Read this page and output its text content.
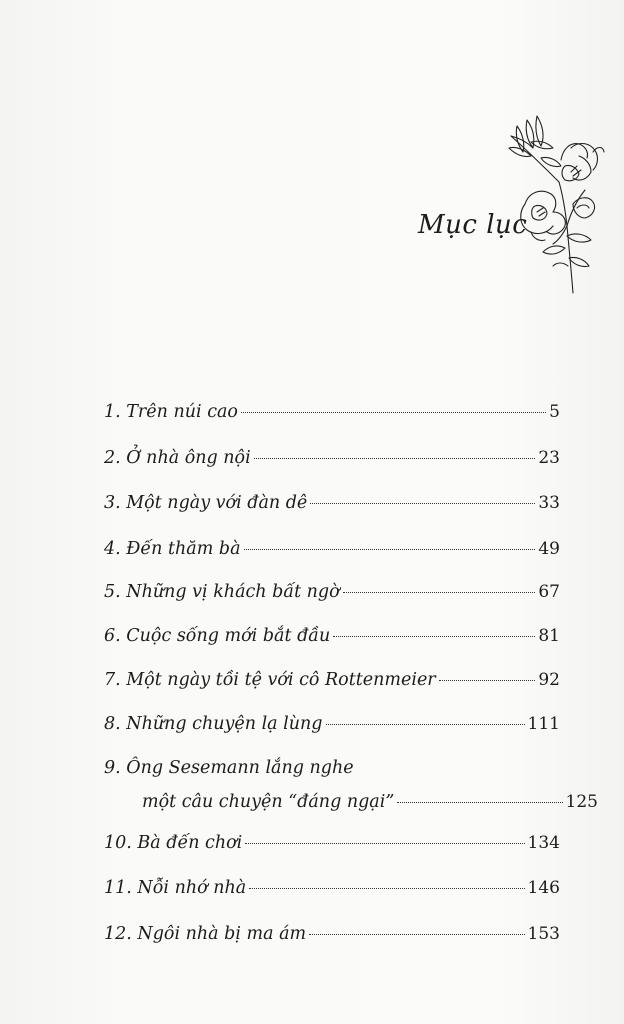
Mục lục
1. Trên núi cao	5
2. Ở nhà ông nội	23
3. Một ngày với đàn dê	33
4. Đến thăm bà	49
5. Những vị khách bất ngờ	67
6. Cuộc sống mới bắt đầu	81
7. Một ngày tồi tệ với cô Rottenmeier	92
8. Những chuyện lạ lùng	111
9. Ông Sesemann lắng nghe
một câu chuyện “đáng ngại”	125
10. Bà đến chơi	134
11. Nỗi nhớ nhà	146
12. Ngôi nhà bị ma ám	153
